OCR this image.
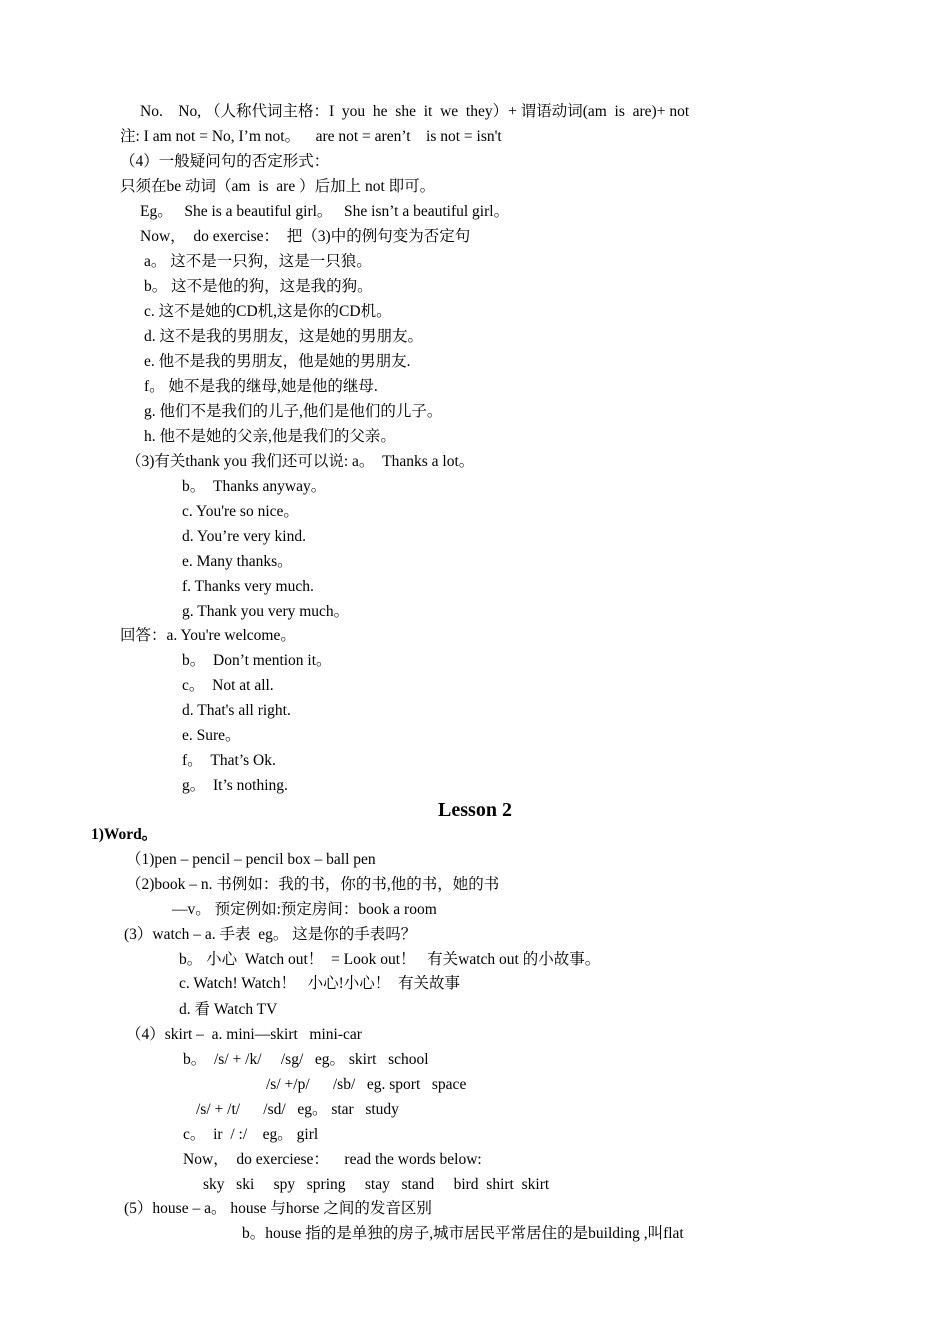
No.    No, （人称代词主格：I  you  he  she  it  we  they）+ 谓语动词(am  is  are)+ not
注: I am not = No, I’m not。    are not = aren’t    is not = isn't
（4）一般疑问句的否定形式：
只须在be 动词（am  is  are ）后加上 not 即可。
Eg。   She is a beautiful girl。   She isn’t a beautiful girl。
Now，  do exercise：  把（3)中的例句变为否定句
a。 这不是一只狗，这是一只狼。
b。 这不是他的狗，这是我的狗。
c. 这不是她的CD机,这是你的CD机。
d. 这不是我的男朋友，这是她的男朋友。
e. 他不是我的男朋友，他是她的男朋友.
f。 她不是我的继母,她是他的继母.
g. 他们不是我们的儿子,他们是他们的儿子。
h. 他不是她的父亲,他是我们的父亲。
（3)有关thank you 我们还可以说: a。  Thanks a lot。
b。  Thanks anyway。
c. You're so nice。
d. You’re very kind.
e. Many thanks。
f. Thanks very much.
g. Thank you very much。
回答：a. You're welcome。
b。  Don’t mention it。
c。  Not at all.
d. That's all right.
e. Sure。
f。  That’s Ok.
g。  It’s nothing.
Lesson 2
1)Word。
（1)pen – pencil – pencil box – ball pen
（2)book – n. 书例如：我的书，你的书,他的书，她的书
—v。 预定例如:预定房间：book a room
(3）watch – a. 手表  eg。 这是你的手表吗？
b。 小心  Watch out！  = Look out！   有关watch out 的小故事。
c. Watch! Watch！   小心!小心！  有关故事
d. 看 Watch TV
（4）skirt –  a. mini—skirt   mini-car
b。  /s/ + /k/     /sg/   eg。 skirt   school
/s/ +/p/      /sb/   eg. sport   space
/s/ + /t/      /sd/   eg。 star   study
c。  ir  / :/    eg。 girl
Now，  do exerciese：    read the words below:
sky   ski     spy   spring     stay   stand     bird  shirt  skirt
(5）house – a。 house 与horse 之间的发音区别
b。house 指的是单独的房子,城市居民平常居住的是building ,叫flat
